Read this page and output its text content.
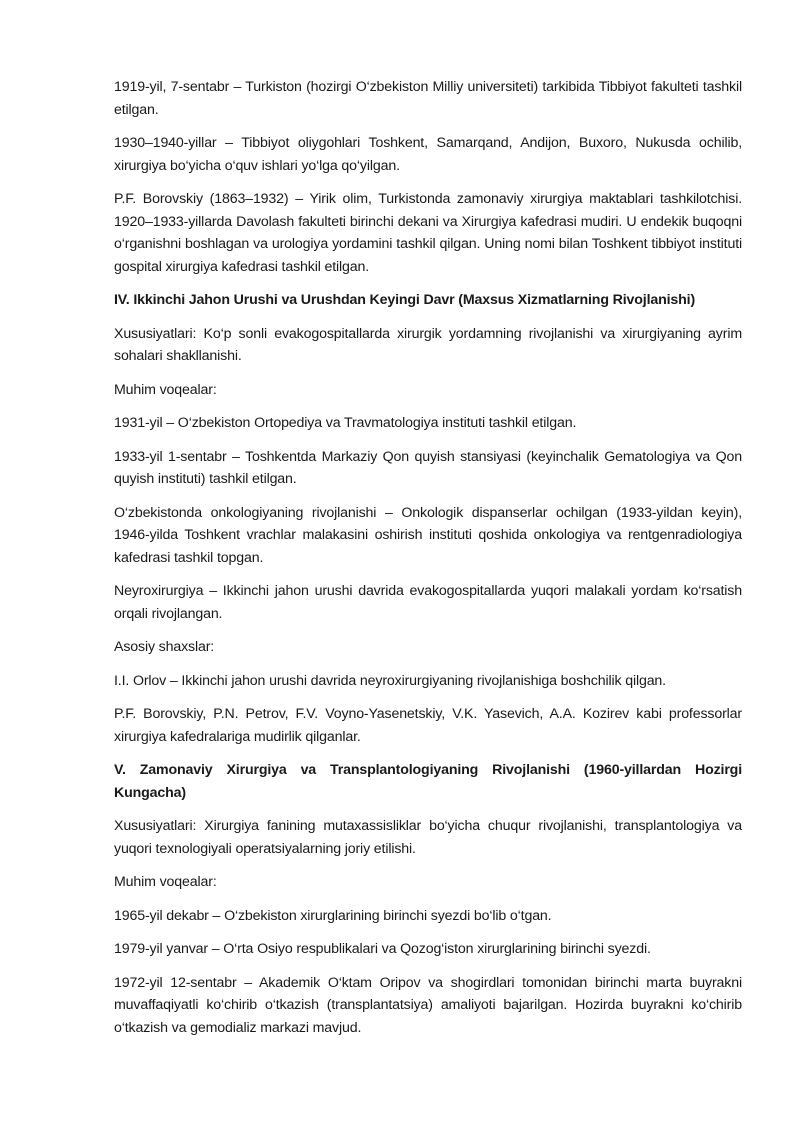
1919-yil, 7-sentabr – Turkiston (hozirgi O‘zbekiston Milliy universiteti) tarkibida Tibbiyot fakulteti tashkil etilgan.

1930–1940-yillar – Tibbiyot oliygohlari Toshkent, Samarqand, Andijon, Buxoro, Nukusda ochilib, xirurgiya bo‘yicha o‘quv ishlari yo‘lga qo‘yilgan.

P.F. Borovskiy (1863–1932) – Yirik olim, Turkistonda zamonaviy xirurgiya maktablari tashkilotchisi. 1920–1933-yillarda Davolash fakulteti birinchi dekani va Xirurgiya kafedrasi mudiri. U endekik buqoqni o‘rganishni boshlagan va urologiya yordamini tashkil qilgan. Uning nomi bilan Toshkent tibbiyot instituti gospital xirurgiya kafedrasi tashkil etilgan.

IV. Ikkinchi Jahon Urushi va Urushdan Keyingi Davr (Maxsus Xizmatlarning Rivojlanishi)

Xususiyatlari: Ko‘p sonli evakogospitallarda xirurgik yordamning rivojlanishi va xirurgiyaning ayrim sohalari shakllanishi.

Muhim voqealar:

1931-yil – O‘zbekiston Ortopediya va Travmatologiya instituti tashkil etilgan.

1933-yil 1-sentabr – Toshkentda Markaziy Qon quyish stansiyasi (keyinchalik Gematologiya va Qon quyish instituti) tashkil etilgan.

O‘zbekistonda onkologiyaning rivojlanishi – Onkologik dispanserlar ochilgan (1933-yildan keyin), 1946-yilda Toshkent vrachlar malakasini oshirish instituti qoshida onkologiya va rentgenradiologiya kafedrasi tashkil topgan.

Neyroxirurgiya – Ikkinchi jahon urushi davrida evakogospitallarda yuqori malakali yordam ko‘rsatish orqali rivojlangan.

Asosiy shaxslar:

I.I. Orlov – Ikkinchi jahon urushi davrida neyroxirurgiyaning rivojlanishiga boshchilik qilgan.

P.F. Borovskiy, P.N. Petrov, F.V. Voyno-Yasenetskiy, V.K. Yasevich, A.A. Kozirev kabi professorlar xirurgiya kafedralariga mudirlik qilganlar.

V. Zamonaviy Xirurgiya va Transplantologiyaning Rivojlanishi (1960-yillardan Hozirgi Kungacha)

Xususiyatlari: Xirurgiya fanining mutaxassisliklar bo‘yicha chuqur rivojlanishi, transplantologiya va yuqori texnologiyali operatsiyalarning joriy etilishi.

Muhim voqealar:

1965-yil dekabr – O‘zbekiston xirurglarining birinchi syezdi bo‘lib o‘tgan.

1979-yil yanvar – O‘rta Osiyo respublikalari va Qozog‘iston xirurglarining birinchi syezdi.

1972-yil 12-sentabr – Akademik O‘ktam Oripov va shogirdlari tomonidan birinchi marta buyrakni muvaffaqiyatli ko‘chirib o‘tkazish (transplantatsiya) amaliyoti bajarilgan. Hozirda buyrakni ko‘chirib o‘tkazish va gemodializ markazi mavjud.
